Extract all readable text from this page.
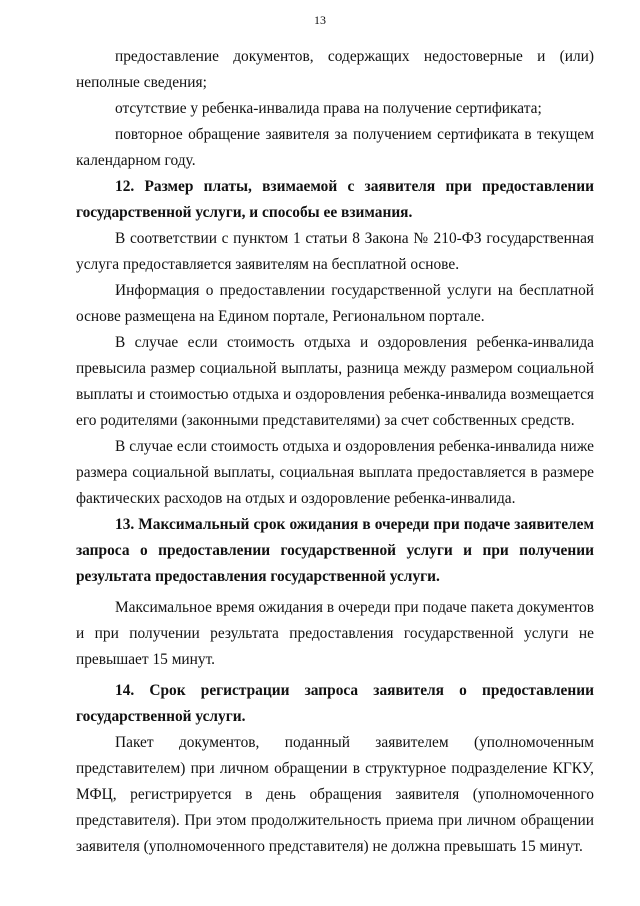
13

предоставление документов, содержащих недостоверные и (или) неполные сведения;

отсутствие у ребенка-инвалида права на получение сертификата;

повторное обращение заявителя за получением сертификата в текущем календарном году.

12. Размер платы, взимаемой с заявителя при предоставлении государственной услуги, и способы ее взимания.

В соответствии с пунктом 1 статьи 8 Закона № 210-ФЗ государственная услуга предоставляется заявителям на бесплатной основе.

Информация о предоставлении государственной услуги на бесплатной основе размещена на Едином портале, Региональном портале.

В случае если стоимость отдыха и оздоровления ребенка-инвалида превысила размер социальной выплаты, разница между размером социальной выплаты и стоимостью отдыха и оздоровления ребенка-инвалида возмещается его родителями (законными представителями) за счет собственных средств.

В случае если стоимость отдыха и оздоровления ребенка-инвалида ниже размера социальной выплаты, социальная выплата предоставляется в размере фактических расходов на отдых и оздоровление ребенка-инвалида.

13. Максимальный срок ожидания в очереди при подаче заявителем запроса о предоставлении государственной услуги и при получении результата предоставления государственной услуги.

Максимальное время ожидания в очереди при подаче пакета документов и при получении результата предоставления государственной услуги не превышает 15 минут.

14. Срок регистрации запроса заявителя о предоставлении государственной услуги.

Пакет документов, поданный заявителем (уполномоченным представителем) при личном обращении в структурное подразделение КГКУ, МФЦ, регистрируется в день обращения заявителя (уполномоченного представителя). При этом продолжительность приема при личном обращении заявителя (уполномоченного представителя) не должна превышать 15 минут.
